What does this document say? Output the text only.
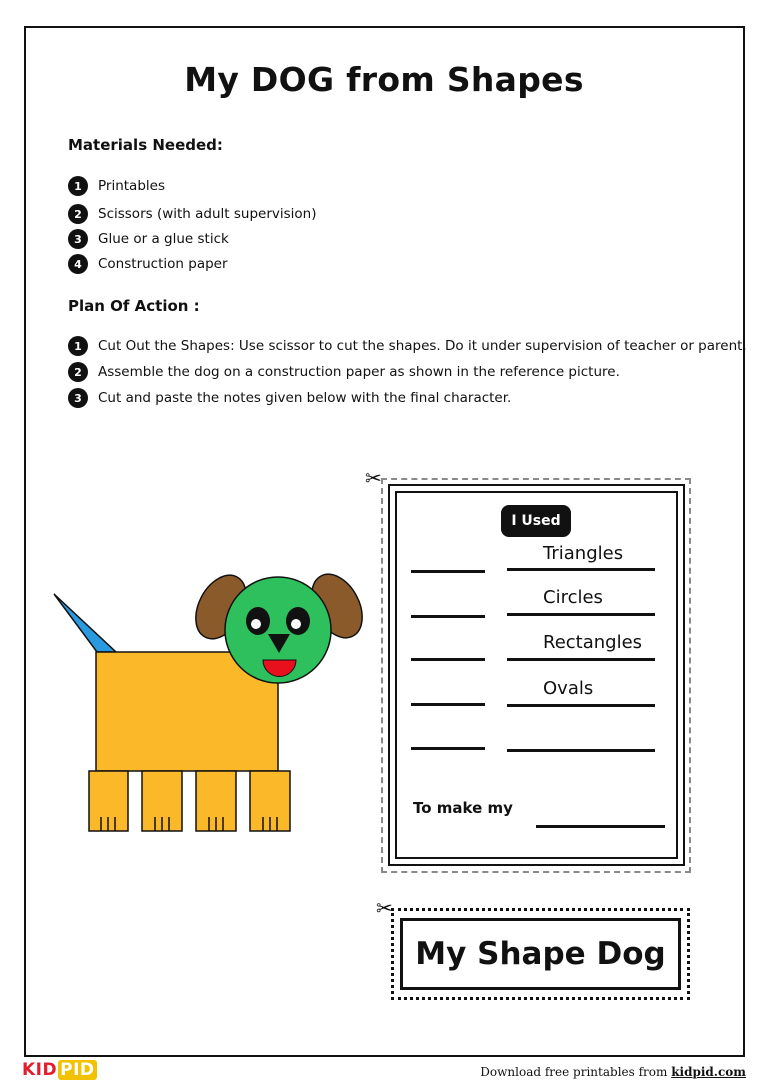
My DOG from Shapes
Materials Needed:
1	Printables
2	Scissors (with adult supervision)
3	Glue or a glue stick
4	Construction paper
Plan Of Action :
1	Cut Out the Shapes: Use scissor to cut the shapes. Do it under supervision of teacher or parent.
2	Assemble the dog on a construction paper as shown in the reference picture.
3	Cut and paste the notes given below with the final character.
✂
I Used
Triangles
Circles
Rectangles
Ovals
To make my
✂
My Shape Dog
KID PID	Download free printables from kidpid.com
